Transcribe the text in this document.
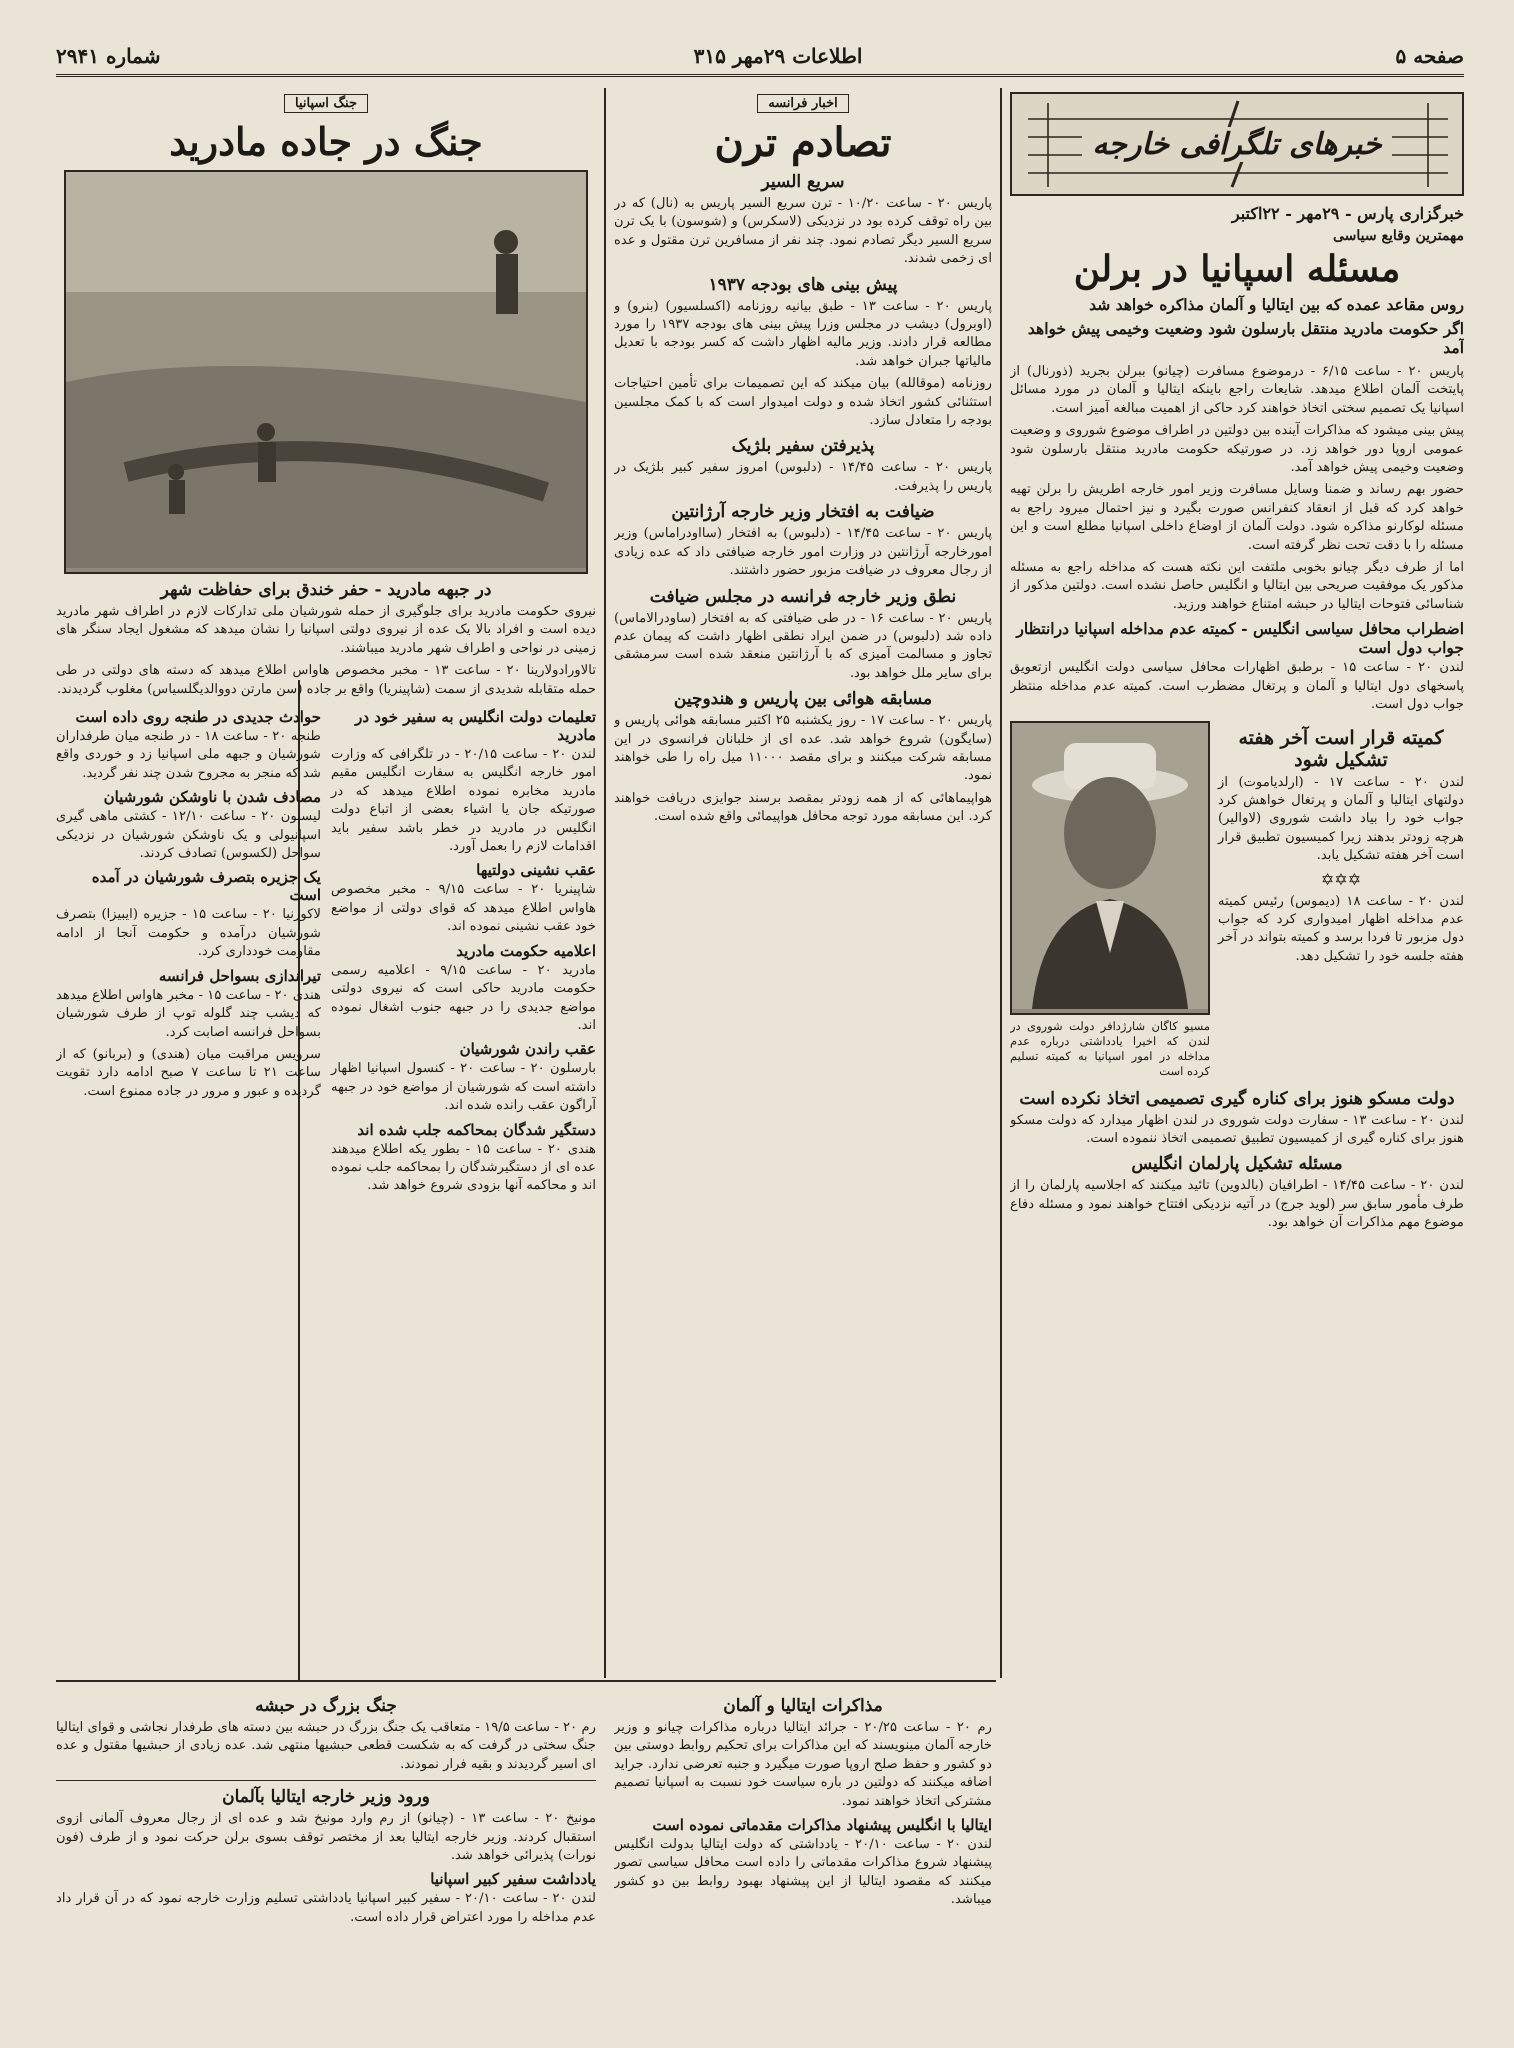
صفحه ۵
اطلاعات ۲۹مهر ۳۱۵
شماره ۲۹۴۱
خبرهای تلگرافی خارجه
خبرگزاری پارس - ۲۹مهر - ۲۲اکتبر
مهمترین وقایع سیاسی
مسئله اسپانیا در برلن
روس مقاعد عمده که بین ایتالیا و آلمان مذاکره خواهد شد
اگر حکومت مادرید منتقل بارسلون شود وضعیت وخیمی پیش خواهد آمد

پاریس ۲۰ - ساعت ۶/۱۵ - درموضوع مسافرت (چیانو) ببرلن بجرید (ذورنال) از پایتخت آلمان اطلاع میدهد. شایعات راجع باینکه ایتالیا و آلمان در مورد مسائل اسپانیا یک تصمیم سختی اتخاذ خواهند کرد حاکی از اهمیت مبالغه آمیز است.

پیش بینی میشود که مذاکرات آینده بین دولتین در اطراف موضوع شوروی و وضعیت عمومی اروپا دور خواهد زد. در صورتیکه حکومت مادرید منتقل بارسلون شود وضعیت وخیمی پیش خواهد آمد.

حضور بهم رساند و ضمنا وسایل مسافرت وزیر امور خارجه اطریش را برلن تهیه خواهد کرد که قبل از انعقاد کنفرانس صورت بگیرد و نیز احتمال میرود راجع به مسئله لوکارنو مذاکره شود. دولت آلمان از اوضاع داخلی اسپانیا مطلع است و این مسئله را با دقت تحت نظر گرفته است.

اما از طرف دیگر چیانو بخوبی ملتفت این نکته هست که مداخله راجع به مسئله مذکور یک موفقیت صریحی بین ایتالیا و انگلیس حاصل نشده است. دولتین مذکور از شناسائی فتوحات ایتالیا در حبشه امتناع خواهند ورزید.

اضطراب محافل سیاسی انگلیس - کمیته عدم مداخله اسپانیا درانتظار جواب دول است

لندن ۲۰ - ساعت ۱۵ - برطبق اظهارات محافل سیاسی دولت انگلیس ازتعویق پاسخهای دول ایتالیا و آلمان و پرتغال مضطرب است. کمیته عدم مداخله منتظر جواب دول است.

کمیته قرار است آخر هفته تشکیل شود

لندن ۲۰ - ساعت ۱۷ - (ارلدیاموت) از دولتهای ایتالیا و آلمان و پرتغال خواهش کرد جواب خود را بیاد داشت شوروی (لاوالیر) هرچه زودتر بدهند زیرا کمیسیون تطبیق قرار است آخر هفته تشکیل یابد.

✡✡✡

لندن ۲۰ - ساعت ۱۸ (دیموس) رئیس کمیته عدم مداخله اظهار امیدواری کرد که جواب دول مزبور تا فردا برسد و کمیته بتواند در آخر هفته جلسه خود را تشکیل دهد.

مسیو کاگان شارژدافر دولت شوروی در لندن که اخیرا یادداشتی درباره عدم مداخله در امور اسپانیا به کمیته تسلیم کرده است

دولت مسکو هنوز برای کناره گیری تصمیمی اتخاذ نکرده است

لندن ۲۰ - ساعت ۱۳ - سفارت دولت شوروی در لندن اظهار میدارد که دولت مسکو هنوز برای کناره گیری از کمیسیون تطبیق تصمیمی اتخاذ ننموده است.

مسئله تشکیل پارلمان انگلیس

لندن ۲۰ - ساعت ۱۴/۴۵ - اطرافیان (بالدوین) تائید میکنند که اجلاسیه پارلمان را از طرف مأمور سابق سر (لوید جرج) در آتیه نزدیکی افتتاح خواهند نمود و مسئله دفاع موضوع مهم مذاکرات آن خواهد بود.

اخبار فرانسه
تصادم ترن
سریع السیر

پاریس ۲۰ - ساعت ۱۰/۲۰ - ترن سریع السیر پاریس به (نال) که در بین راه توقف کرده بود در نزدیکی (لاسکرس) و (شوسون) با یک ترن سریع السیر دیگر تصادم نمود. چند نفر از مسافرین ترن مقتول و عده ای زخمی شدند.

پیش بینی های بودجه ۱۹۳۷

پاریس ۲۰ - ساعت ۱۳ - طبق بیانیه روزنامه (اکسلسیور) (بنرو) و (اوبرول) دیشب در مجلس وزرا پیش بینی های بودجه ۱۹۳۷ را مورد مطالعه قرار دادند. وزیر مالیه اظهار داشت که کسر بودجه با تعدیل مالیاتها جبران خواهد شد.

روزنامه (موقالله) بیان میکند که این تصمیمات برای تأمین احتیاجات استثنائی کشور اتخاذ شده و دولت امیدوار است که با کمک مجلسین بودجه را متعادل سازد.

پذیرفتن سفیر بلژیک

پاریس ۲۰ - ساعت ۱۴/۴۵ - (دلبوس) امروز سفیر کبیر بلژیک در پاریس را پذیرفت.

ضیافت به افتخار وزیر خارجه آرژانتین

پاریس ۲۰ - ساعت ۱۴/۴۵ - (دلبوس) به افتخار (سااودراماس) وزیر امورخارجه آرژانتین در وزارت امور خارجه ضیافتی داد که عده زیادی از رجال معروف در ضیافت مزبور حضور داشتند.

نطق وزیر خارجه فرانسه در مجلس ضیافت

پاریس ۲۰ - ساعت ۱۶ - در طی ضیافتی که به افتخار (ساودرالاماس) داده شد (دلبوس) در ضمن ایراد نطقی اظهار داشت که پیمان عدم تجاوز و مسالمت آمیزی که با آرژانتین منعقد شده است سرمشقی برای سایر ملل خواهد بود.

مسابقه هوائی بین پاریس و هندوچین

پاریس ۲۰ - ساعت ۱۷ - روز یکشنبه ۲۵ اکتبر مسابقه هوائی پاریس و (سایگون) شروع خواهد شد. عده ای از خلبانان فرانسوی در این مسابقه شرکت میکنند و برای مقصد ۱۱۰۰۰ میل راه را طی خواهند نمود.

هواپیماهائی که از همه زودتر بمقصد برسند جوایزی دریافت خواهند کرد. این مسابقه مورد توجه محافل هواپیمائی واقع شده است.

جنگ اسپانیا
جنگ در جاده مادرید
در جبهه مادرید - حفر خندق برای حفاظت شهر

نیروی حکومت مادرید برای جلوگیری از حمله شورشیان ملی تدارکات لازم در اطراف شهر مادرید دیده است و افراد بالا یک عده از نیروی دولتی اسپانیا را نشان میدهد که مشغول ایجاد سنگر های زمینی در نواحی و اطراف شهر مادرید میباشند.

تالاورادولارینا ۲۰ - ساعت ۱۳ - مخبر مخصوص هاواس اطلاع میدهد که دسته های دولتی در طی حمله متقابله شدیدی از سمت (شاپینریا) واقع بر جاده (سن مارتن دووالدیگلسیاس) مغلوب گردیدند.

تعلیمات دولت انگلیس به سفیر خود در مادرید

لندن ۲۰ - ساعت ۲۰/۱۵ - در تلگرافی که وزارت امور خارجه انگلیس به سفارت انگلیس مقیم مادرید مخابره نموده اطلاع میدهد که در صورتیکه جان یا اشیاء بعضی از اتباع دولت انگلیس در مادرید در خطر باشد سفیر باید اقدامات لازم را بعمل آورد.

عقب نشینی دولتیها

شاپینریا ۲۰ - ساعت ۹/۱۵ - مخبر مخصوص هاواس اطلاع میدهد که قوای دولتی از مواضع خود عقب نشینی نموده اند.

اعلامیه حکومت مادرید

مادرید ۲۰ - ساعت ۹/۱۵ - اعلامیه رسمی حکومت مادرید حاکی است که نیروی دولتی مواضع جدیدی را در جبهه جنوب اشغال نموده اند.

عقب راندن شورشیان

بارسلون ۲۰ - ساعت ۲۰ - کنسول اسپانیا اظهار داشته است که شورشیان از مواضع خود در جبهه آراگون عقب رانده شده اند.

دستگیر شدگان بمحاکمه جلب شده اند

هندی ۲۰ - ساعت ۱۵ - بطور یکه اطلاع میدهند عده ای از دستگیرشدگان را بمحاکمه جلب نموده اند و محاکمه آنها بزودی شروع خواهد شد.

حوادث جدیدی در طنجه روی داده است

طنجه ۲۰ - ساعت ۱۸ - در طنجه میان طرفداران شورشیان و جبهه ملی اسپانیا زد و خوردی واقع شد که منجر به مجروح شدن چند نفر گردید.

مصادف شدن با ناوشکن شورشیان

لیسبون ۲۰ - ساعت ۱۲/۱۰ - کشتی ماهی گیری اسپانیولی و یک ناوشکن شورشیان در نزدیکی سواحل (لکسوس) تصادف کردند.

یک جزیره بتصرف شورشیان در آمده است

لاکورنیا ۲۰ - ساعت ۱۵ - جزیره (ایبیزا) بتصرف شورشیان درآمده و حکومت آنجا از ادامه مقاومت خودداری کرد.

تیراندازی بسواحل فرانسه

هندی ۲۰ - ساعت ۱۵ - مخبر هاواس اطلاع میدهد که دیشب چند گلوله توپ از طرف شورشیان بسواحل فرانسه اصابت کرد.

سرویس مراقبت میان (هندی) و (بربانو) که از ساعت ۲۱ تا ساعت ۷ صبح ادامه دارد تقویت گردیده و عبور و مرور در جاده ممنوع است.

مذاکرات ایتالیا و آلمان

رم ۲۰ - ساعت ۲۰/۲۵ - جرائد ایتالیا درباره مذاکرات چیانو و وزیر خارجه آلمان مینویسند که این مذاکرات برای تحکیم روابط دوستی بین دو کشور و حفظ صلح اروپا صورت میگیرد و جنبه تعرضی ندارد. جراید اضافه میکنند که دولتین در باره سیاست خود نسبت به اسپانیا تصمیم مشترکی اتخاذ خواهند نمود.

ایتالیا با انگلیس پیشنهاد مذاکرات مقدماتی نموده است

لندن ۲۰ - ساعت ۲۰/۱۰ - یادداشتی که دولت ایتالیا بدولت انگلیس پیشنهاد شروع مذاکرات مقدماتی را داده است محافل سیاسی تصور میکنند که مقصود ایتالیا از این پیشنهاد بهبود روابط بین دو کشور میباشد.

جنگ بزرگ در حبشه

رم ۲۰ - ساعت ۱۹/۵ - متعاقب یک جنگ بزرگ در حبشه بین دسته های طرفدار نجاشی و قوای ایتالیا جنگ سختی در گرفت که به شکست قطعی حبشیها منتهی شد. عده زیادی از حبشیها مقتول و عده ای اسیر گردیدند و بقیه فرار نمودند.

ورود وزیر خارجه ایتالیا بآلمان

مونیخ ۲۰ - ساعت ۱۳ - (چیانو) از رم وارد مونیخ شد و عده ای از رجال معروف آلمانی ازوی استقبال کردند. وزیر خارجه ایتالیا بعد از مختصر توقف بسوی برلن حرکت نمود و از طرف (فون نورات) پذیرائی خواهد شد.

یادداشت سفیر کبیر اسپانیا

لندن ۲۰ - ساعت ۲۰/۱۰ - سفیر کبیر اسپانیا یادداشتی تسلیم وزارت خارجه نمود که در آن قرار داد عدم مداخله را مورد اعتراض قرار داده است.
